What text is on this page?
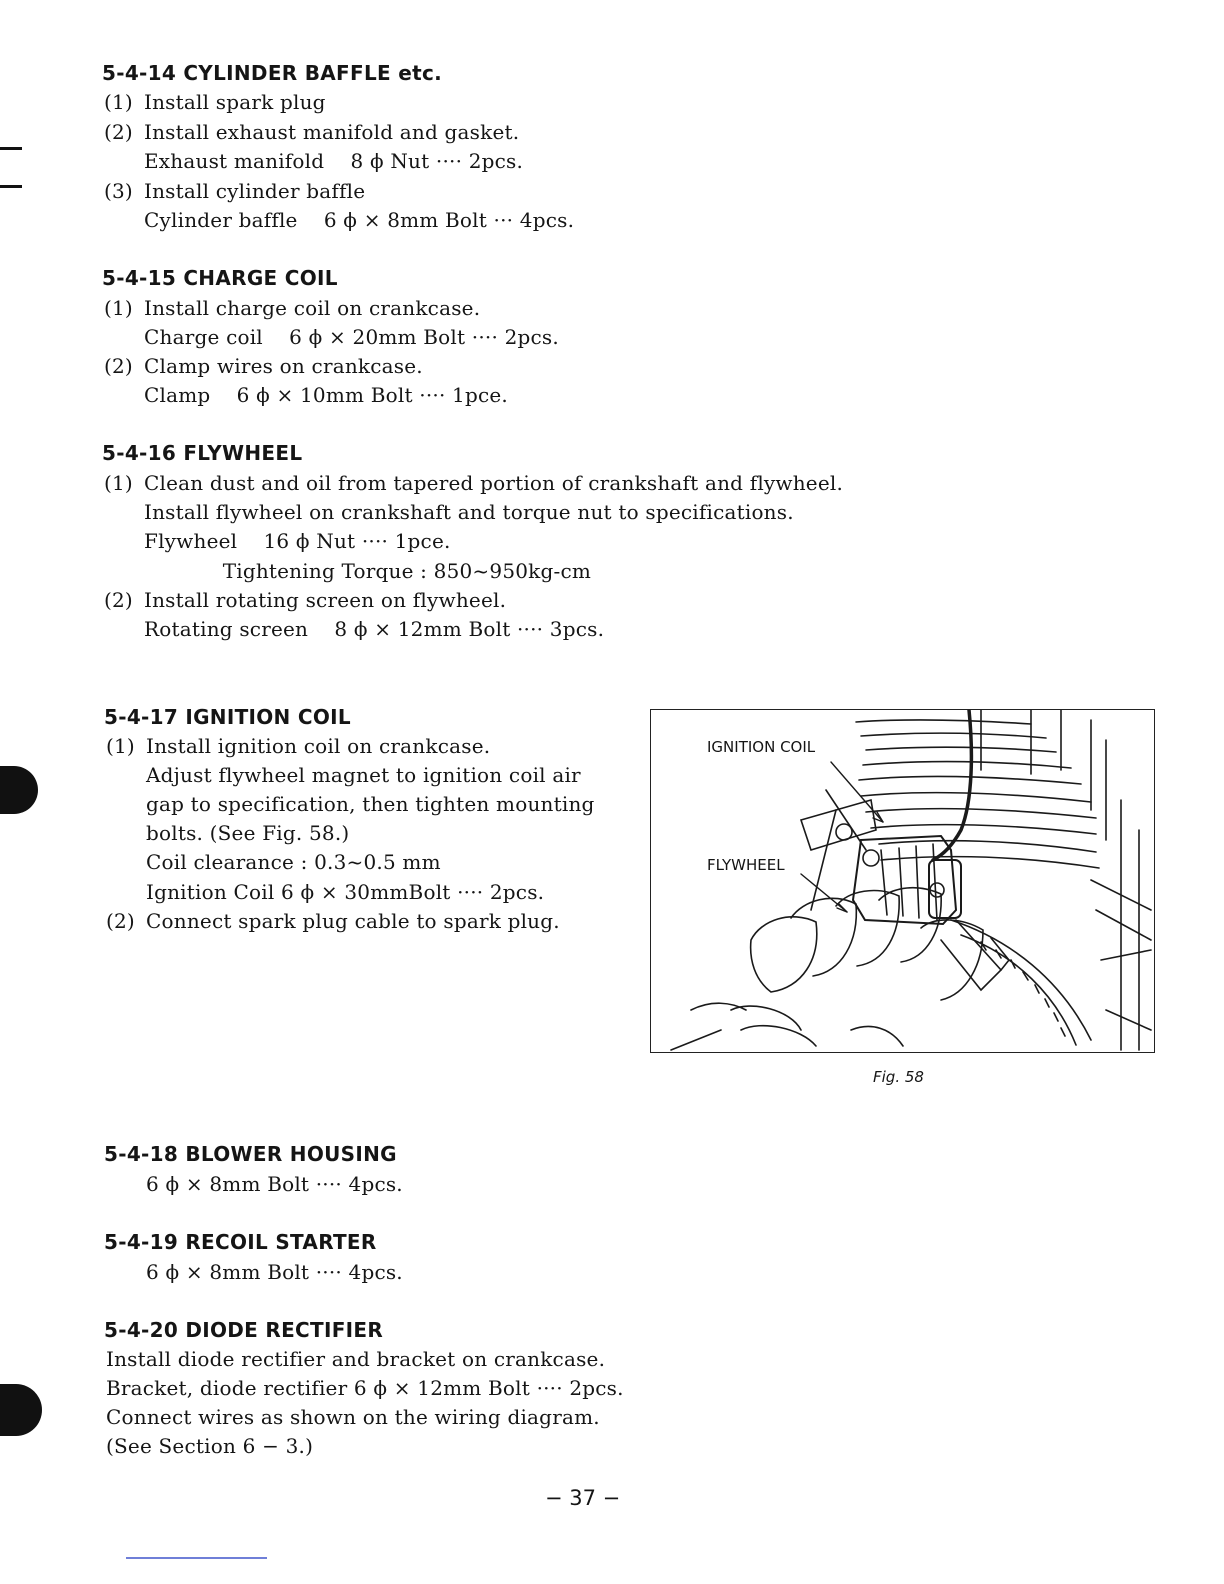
5-4-14 CYLINDER BAFFLE etc.
(1) Install spark plug
(2) Install exhaust manifold and gasket.
Exhaust manifold    8 ϕ Nut ···· 2pcs.
(3) Install cylinder baffle
Cylinder baffle    6 ϕ × 8mm Bolt ··· 4pcs.
5-4-15 CHARGE COIL
(1) Install charge coil on crankcase.
Charge coil    6 ϕ × 20mm Bolt ···· 2pcs.
(2) Clamp wires on crankcase.
Clamp    6 ϕ × 10mm Bolt ···· 1pce.
5-4-16 FLYWHEEL
(1) Clean dust and oil from tapered portion of crankshaft and flywheel.
Install flywheel on crankshaft and torque nut to specifications.
Flywheel    16 ϕ Nut ···· 1pce.
Tightening Torque : 850~950kg-cm
(2) Install rotating screen on flywheel.
Rotating screen    8 ϕ × 12mm Bolt ···· 3pcs.
5-4-17 IGNITION COIL
(1) Install ignition coil on crankcase.
Adjust flywheel magnet to ignition coil air
gap to specification, then tighten mounting
bolts. (See Fig. 58.)
Coil clearance : 0.3~0.5 mm
Ignition Coil 6 ϕ × 30mmBolt ···· 2pcs.
(2) Connect spark plug cable to spark plug.
IGNITION COIL
FLYWHEEL
Fig. 58
5-4-18 BLOWER HOUSING
6 ϕ × 8mm Bolt ···· 4pcs.
5-4-19 RECOIL STARTER
6 ϕ × 8mm Bolt ···· 4pcs.
5-4-20 DIODE RECTIFIER
Install diode rectifier and bracket on crankcase.
Bracket, diode rectifier 6 ϕ × 12mm Bolt ···· 2pcs.
Connect wires as shown on the wiring diagram.
(See Section 6 − 3.)
− 37 −
